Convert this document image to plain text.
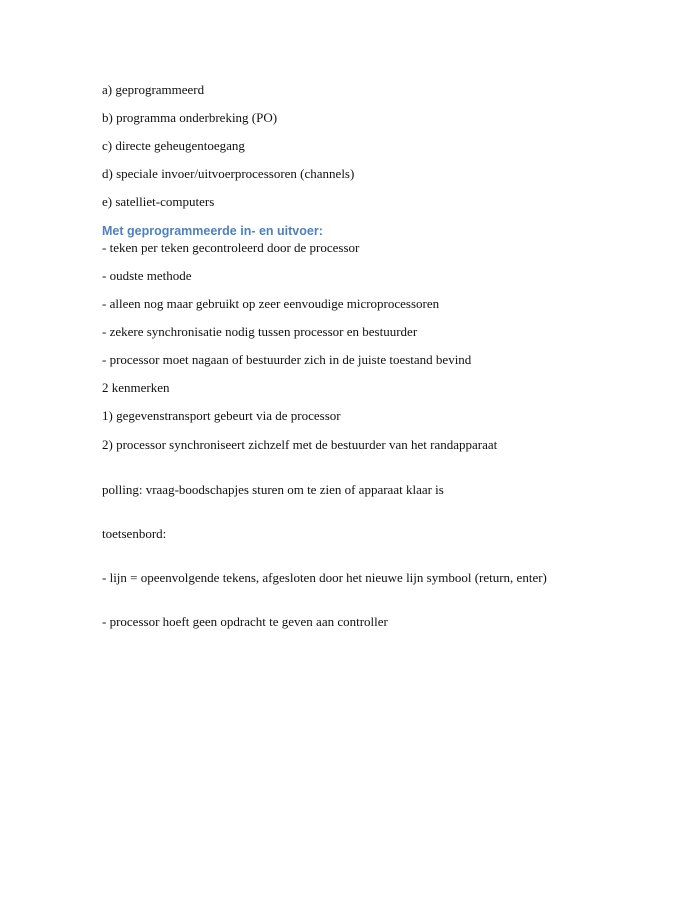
a) geprogrammeerd
b) programma onderbreking (PO)
c) directe geheugentoegang
d) speciale invoer/uitvoerprocessoren (channels)
e) satelliet-computers
Met geprogrammeerde in- en uitvoer:
- teken per teken gecontroleerd door de processor
- oudste methode
- alleen nog maar gebruikt op zeer eenvoudige microprocessoren
- zekere synchronisatie nodig tussen processor en bestuurder
- processor moet nagaan of bestuurder zich in de juiste toestand bevind
2 kenmerken
1) gegevenstransport gebeurt via de processor
2) processor synchroniseert zichzelf met de bestuurder van het randapparaat
polling: vraag-boodschapjes sturen om te zien of apparaat klaar is
toetsenbord:
- lijn = opeenvolgende tekens, afgesloten door het nieuwe lijn symbool (return, enter)
- processor hoeft geen opdracht te geven aan controller
